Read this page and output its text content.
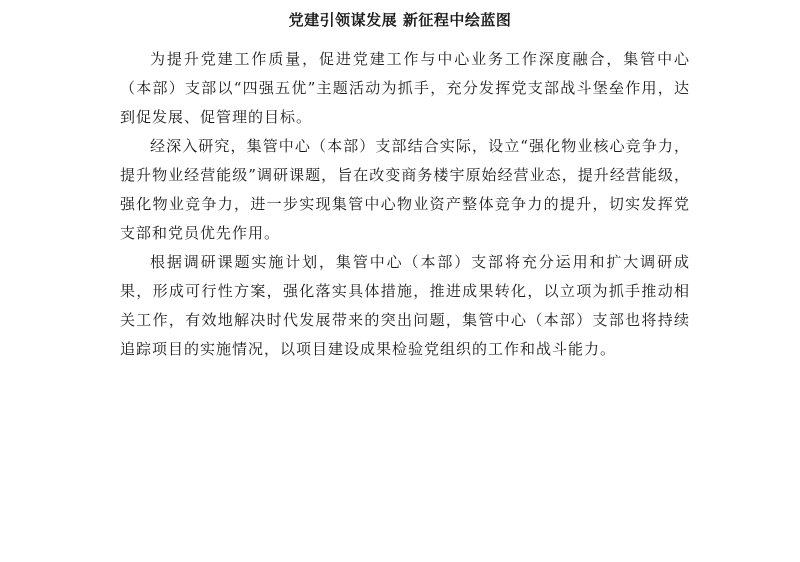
党建引领谋发展 新征程中绘蓝图

为提升党建工作质量，促进党建工作与中心业务工作深度融合，集管中心（本部）支部以“四强五优”主题活动为抓手，充分发挥党支部战斗堡垒作用，达到促发展、促管理的目标。

经深入研究，集管中心（本部）支部结合实际，设立“强化物业核心竞争力，提升物业经营能级”调研课题，旨在改变商务楼宇原始经营业态，提升经营能级，强化物业竞争力，进一步实现集管中心物业资产整体竞争力的提升，切实发挥党支部和党员优先作用。

根据调研课题实施计划，集管中心（本部）支部将充分运用和扩大调研成果，形成可行性方案，强化落实具体措施，推进成果转化，以立项为抓手推动相关工作，有效地解决时代发展带来的突出问题，集管中心（本部）支部也将持续追踪项目的实施情况，以项目建设成果检验党组织的工作和战斗能力。
